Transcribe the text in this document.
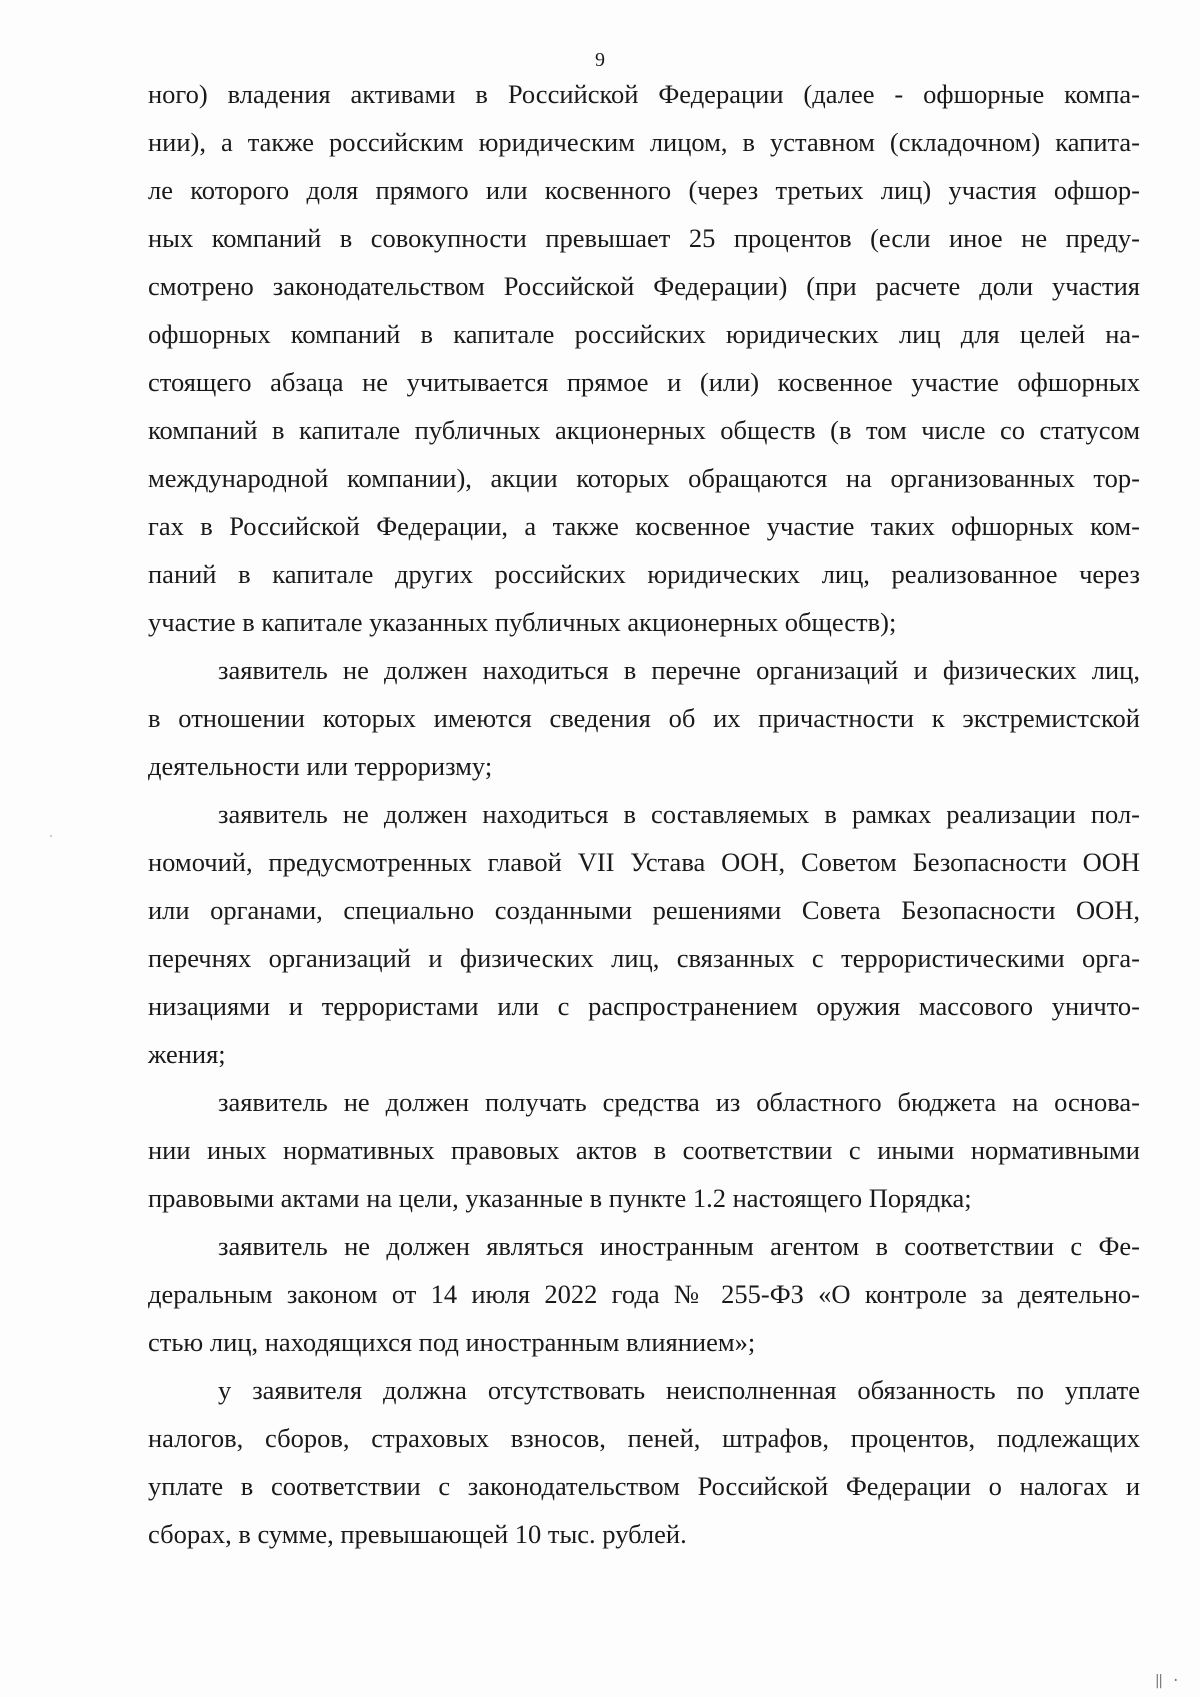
9
ного) владения активами в Российской Федерации (далее - офшорные компа-
нии), а также российским юридическим лицом, в уставном (складочном) капита-
ле которого доля прямого или косвенного (через третьих лиц) участия офшор-
ных компаний в совокупности превышает 25 процентов (если иное не преду-
смотрено законодательством Российской Федерации) (при расчете доли участия
офшорных компаний в капитале российских юридических лиц для целей на-
стоящего абзаца не учитывается прямое и (или) косвенное участие офшорных
компаний в капитале публичных акционерных обществ (в том числе со статусом
международной компании), акции которых обращаются на организованных тор-
гах в Российской Федерации, а также косвенное участие таких офшорных ком-
паний в капитале других российских юридических лиц, реализованное через
участие в капитале указанных публичных акционерных обществ);
заявитель не должен находиться в перечне организаций и физических лиц,
в отношении которых имеются сведения об их причастности к экстремистской
деятельности или терроризму;
заявитель не должен находиться в составляемых в рамках реализации пол-
номочий, предусмотренных главой VII Устава ООН, Советом Безопасности ООН
или органами, специально созданными решениями Совета Безопасности ООН,
перечнях организаций и физических лиц, связанных с террористическими орга-
низациями и террористами или с распространением оружия массового уничто-
жения;
заявитель не должен получать средства из областного бюджета на основа-
нии иных нормативных правовых актов в соответствии с иными нормативными
правовыми актами на цели, указанные в пункте 1.2 настоящего Порядка;
заявитель не должен являться иностранным агентом в соответствии с Фе-
деральным законом от 14 июля 2022 года № 255-ФЗ «О контроле за деятельно-
стью лиц, находящихся под иностранным влиянием»;
у заявителя должна отсутствовать неисполненная обязанность по уплате
налогов, сборов, страховых взносов, пеней, штрафов, процентов, подлежащих
уплате в соответствии с законодательством Российской Федерации о налогах и
сборах, в сумме, превышающей 10 тыс. рублей.
‖ ·
